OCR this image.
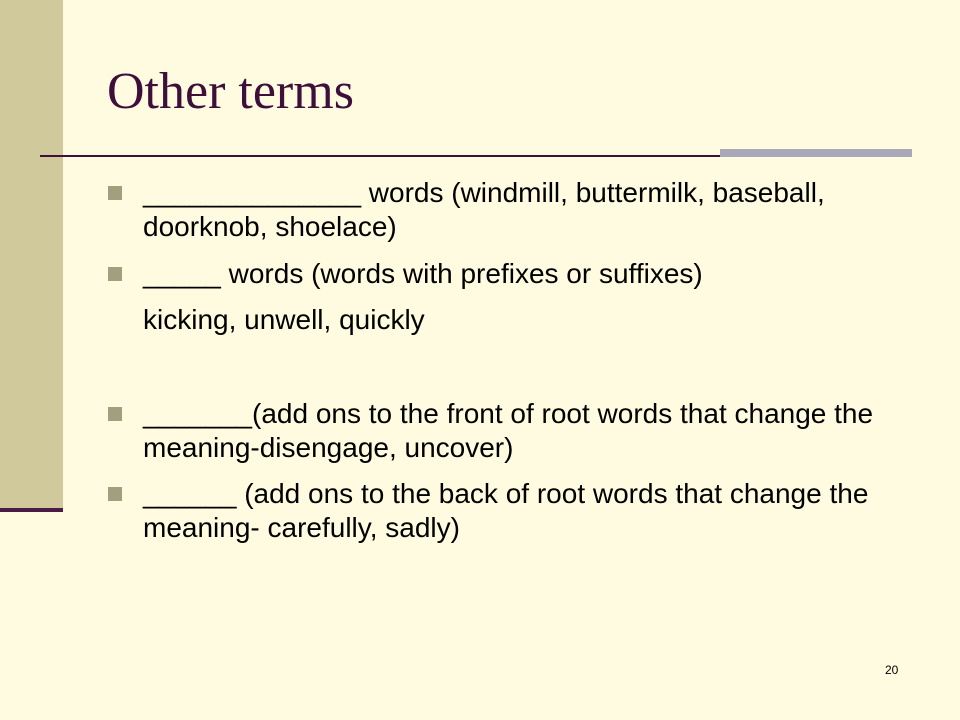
Other terms
______________ words (windmill, buttermilk, baseball, doorknob, shoelace)
_____ words (words with prefixes or suffixes)
kicking, unwell, quickly
_______(add ons to the front of root words that change the meaning-disengage, uncover)
______ (add ons to the back of root words that change the meaning- carefully, sadly)
20
